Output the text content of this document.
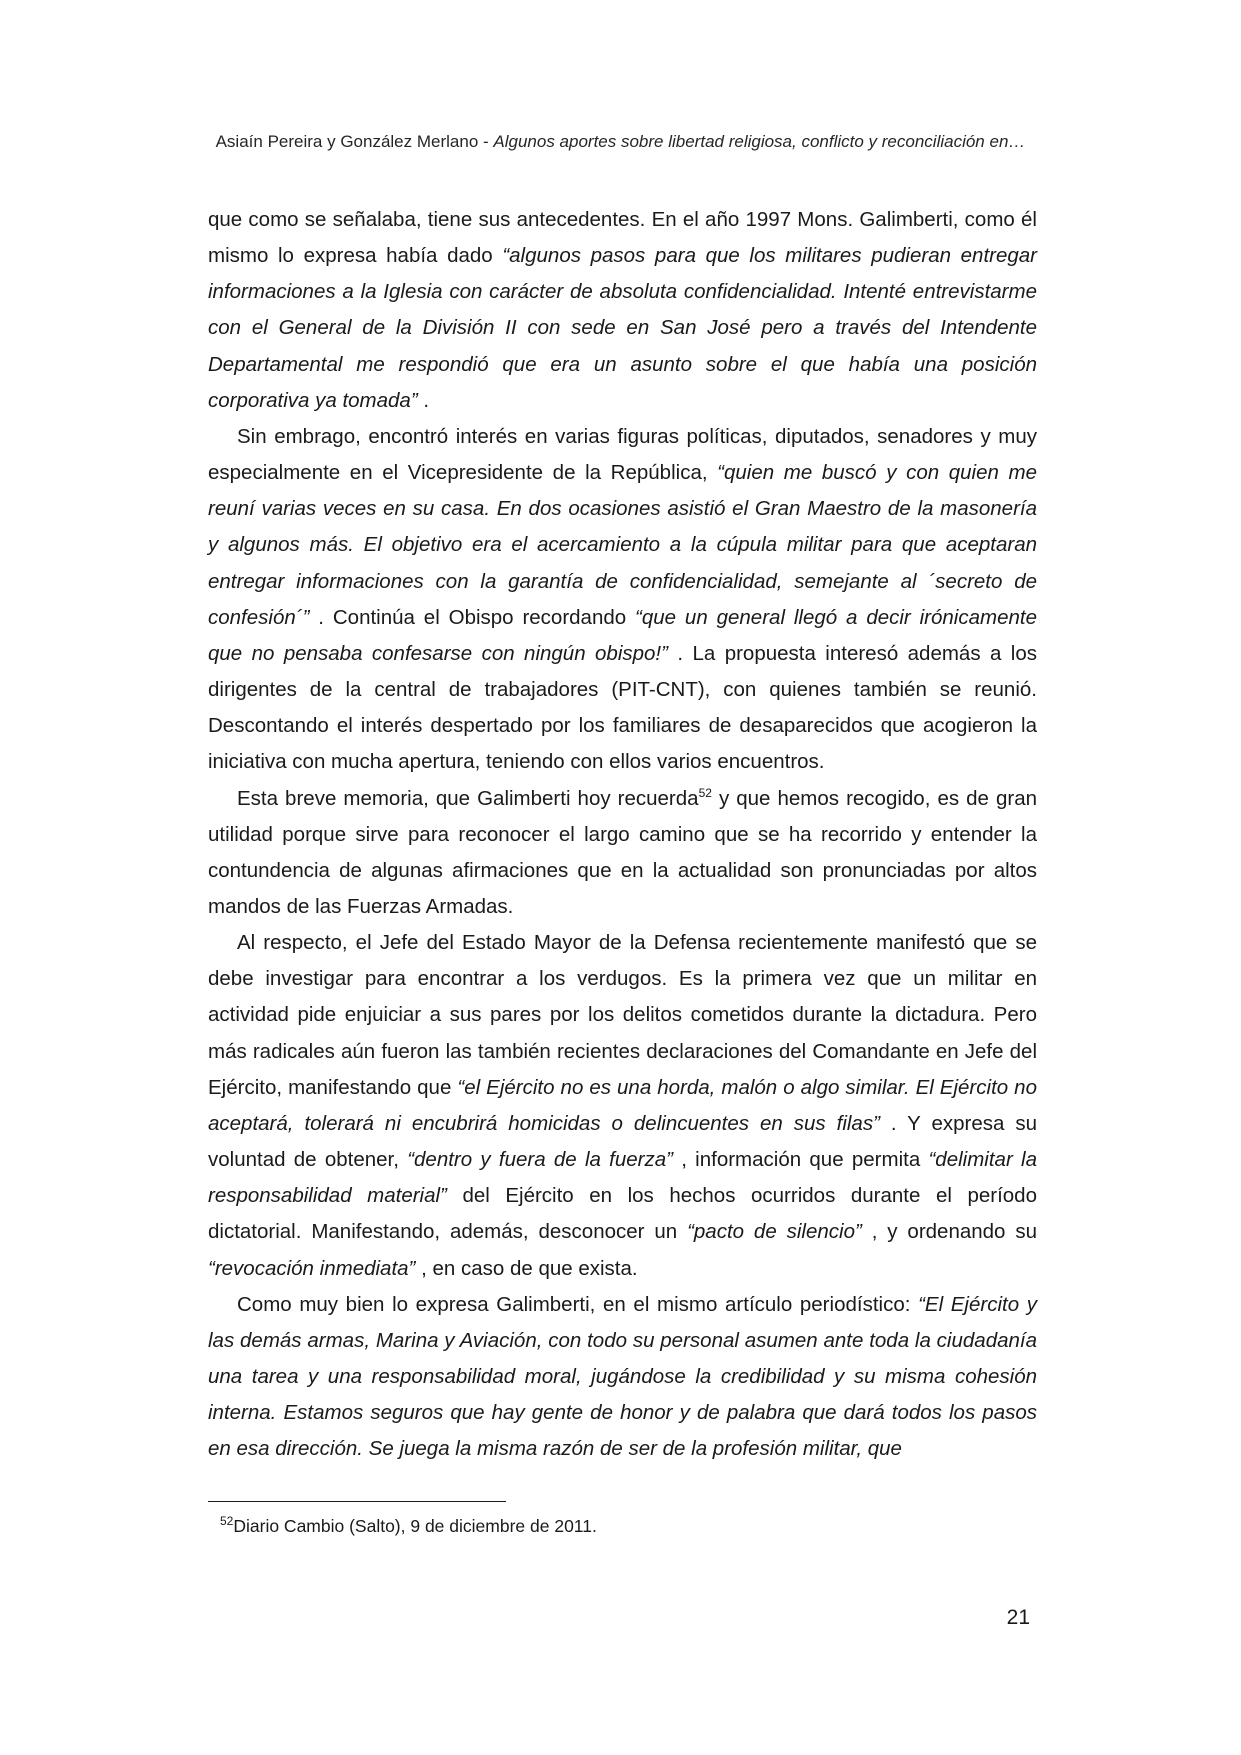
Asiaín Pereira y González Merlano - Algunos aportes sobre libertad religiosa, conflicto y reconciliación en…

que como se señalaba, tiene sus antecedentes. En el año 1997 Mons. Galimberti, como él mismo lo expresa había dado “algunos pasos para que los militares pudieran entregar informaciones a la Iglesia con carácter de absoluta confidencialidad. Intenté entrevistarme con el General de la División II con sede en San José pero a través del Intendente Departamental me respondió que era un asunto sobre el que había una posición corporativa ya tomada” .

Sin embrago, encontró interés en varias figuras políticas, diputados, senadores y muy especialmente en el Vicepresidente de la República, “quien me buscó y con quien me reuní varias veces en su casa. En dos ocasiones asistió el Gran Maestro de la masonería y algunos más. El objetivo era el acercamiento a la cúpula militar para que aceptaran entregar informaciones con la garantía de confidencialidad, semejante al ´secreto de confesión´” . Continúa el Obispo recordando “que un general llegó a decir irónicamente que no pensaba confesarse con ningún obispo!” . La propuesta interesó además a los dirigentes de la central de trabajadores (PIT-CNT), con quienes también se reunió. Descontando el interés despertado por los familiares de desaparecidos que acogieron la iniciativa con mucha apertura, teniendo con ellos varios encuentros.

Esta breve memoria, que Galimberti hoy recuerda$^{52}$ y que hemos recogido, es de gran utilidad porque sirve para reconocer el largo camino que se ha recorrido y entender la contundencia de algunas afirmaciones que en la actualidad son pronunciadas por altos mandos de las Fuerzas Armadas.

Al respecto, el Jefe del Estado Mayor de la Defensa recientemente manifestó que se debe investigar para encontrar a los verdugos. Es la primera vez que un militar en actividad pide enjuiciar a sus pares por los delitos cometidos durante la dictadura. Pero más radicales aún fueron las también recientes declaraciones del Comandante en Jefe del Ejército, manifestando que “el Ejército no es una horda, malón o algo similar. El Ejército no aceptará, tolerará ni encubrirá homicidas o delincuentes en sus filas” . Y expresa su voluntad de obtener, “dentro y fuera de la fuerza” , información que permita “delimitar la responsabilidad material” del Ejército en los hechos ocurridos durante el período dictatorial. Manifestando, además, desconocer un “pacto de silencio” , y ordenando su “revocación inmediata” , en caso de que exista.

Como muy bien lo expresa Galimberti, en el mismo artículo periodístico: “El Ejército y las demás armas, Marina y Aviación, con todo su personal asumen ante toda la ciudadanía una tarea y una responsabilidad moral, jugándose la credibilidad y su misma cohesión interna. Estamos seguros que hay gente de honor y de palabra que dará todos los pasos en esa dirección. Se juega la misma razón de ser de la profesión militar, que

$^{52}$Diario Cambio (Salto), 9 de diciembre de 2011.
21
